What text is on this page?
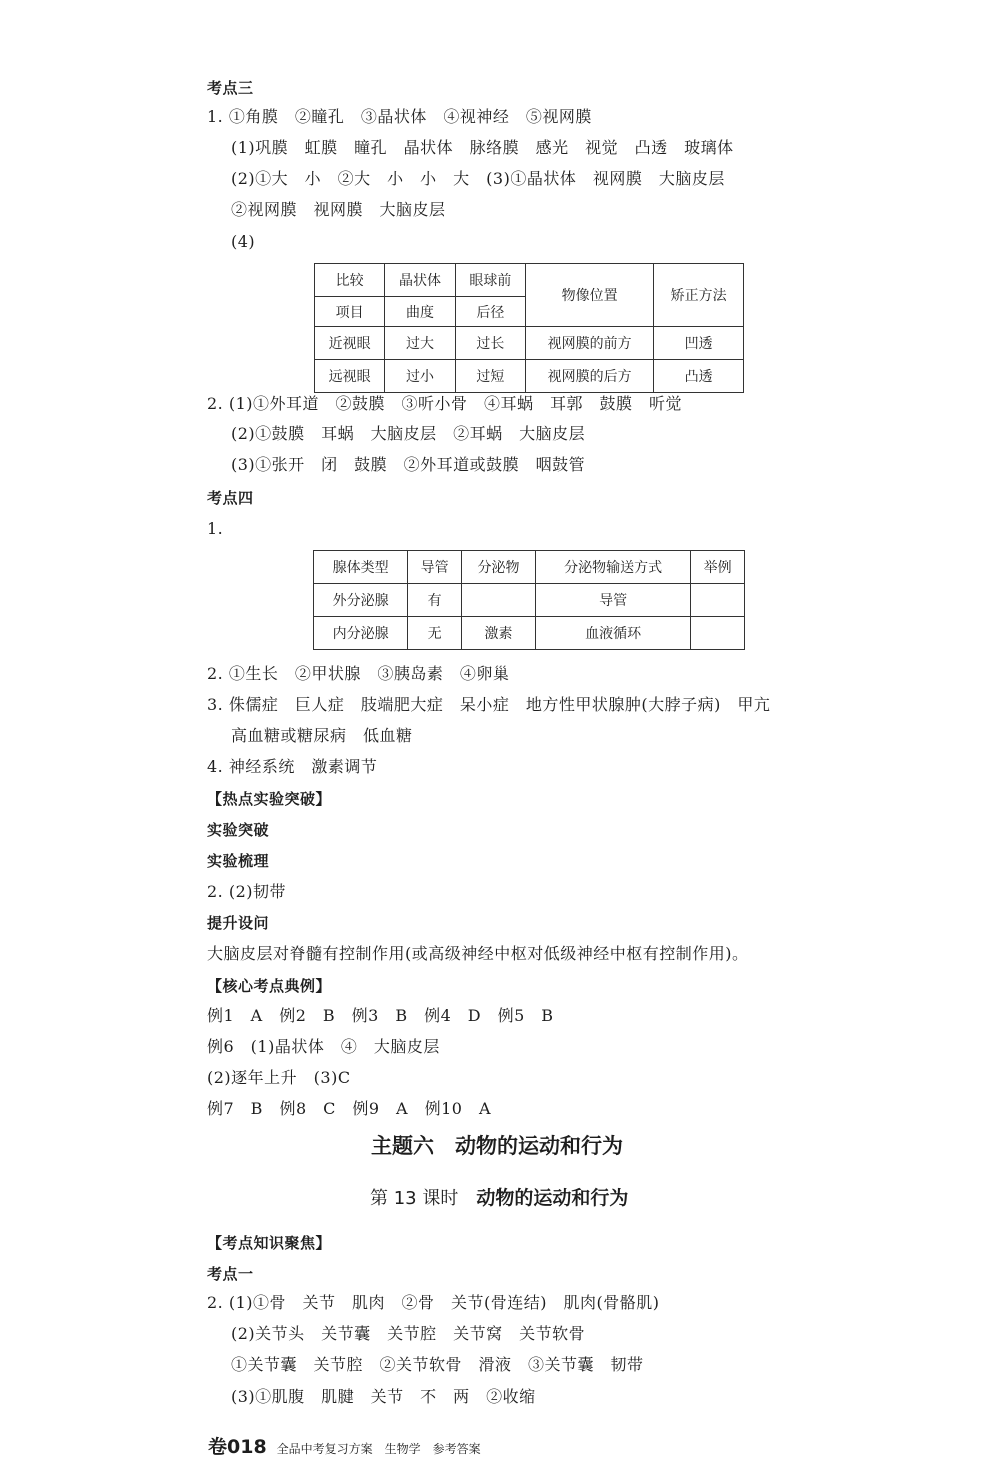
考点三
1. ①角膜　②瞳孔　③晶状体　④视神经　⑤视网膜
(1)巩膜　虹膜　瞳孔　晶状体　脉络膜　感光　视觉　凸透　玻璃体
(2)①大　小　②大　小　小　大　(3)①晶状体　视网膜　大脑皮层
②视网膜　视网膜　大脑皮层
(4)
比较	晶状体	眼球前	物像位置	矫正方法
项目	曲度	后径		
近视眼	过大	过长	视网膜的前方	凹透
远视眼	过小	过短	视网膜的后方	凸透
2. (1)①外耳道　②鼓膜　③听小骨　④耳蜗　耳郭　鼓膜　听觉
(2)①鼓膜　耳蜗　大脑皮层　②耳蜗　大脑皮层
(3)①张开　闭　鼓膜　②外耳道或鼓膜　咽鼓管
考点四
1.
腺体类型	导管	分泌物	分泌物输送方式	举例
外分泌腺	有		导管	
内分泌腺	无	激素	血液循环	
2. ①生长　②甲状腺　③胰岛素　④卵巢
3. 侏儒症　巨人症　肢端肥大症　呆小症　地方性甲状腺肿(大脖子病)　甲亢
高血糖或糖尿病　低血糖
4. 神经系统　激素调节
【热点实验突破】
实验突破
实验梳理
2. (2)韧带
提升设问
大脑皮层对脊髓有控制作用(或高级神经中枢对低级神经中枢有控制作用)。
【核心考点典例】
例1　A　例2　B　例3　B　例4　D　例5　B
例6　(1)晶状体　④　大脑皮层
(2)逐年上升　(3)C
例7　B　例8　C　例9　A　例10　A
主题六　动物的运动和行为
第 13 课时 动物的运动和行为
【考点知识聚焦】
考点一
2. (1)①骨　关节　肌肉　②骨　关节(骨连结)　肌肉(骨骼肌)
(2)关节头　关节囊　关节腔　关节窝　关节软骨
①关节囊　关节腔　②关节软骨　滑液　③关节囊　韧带
(3)①肌腹　肌腱　关节　不　两　②收缩
卷018 全品中考复习方案　生物学　参考答案
